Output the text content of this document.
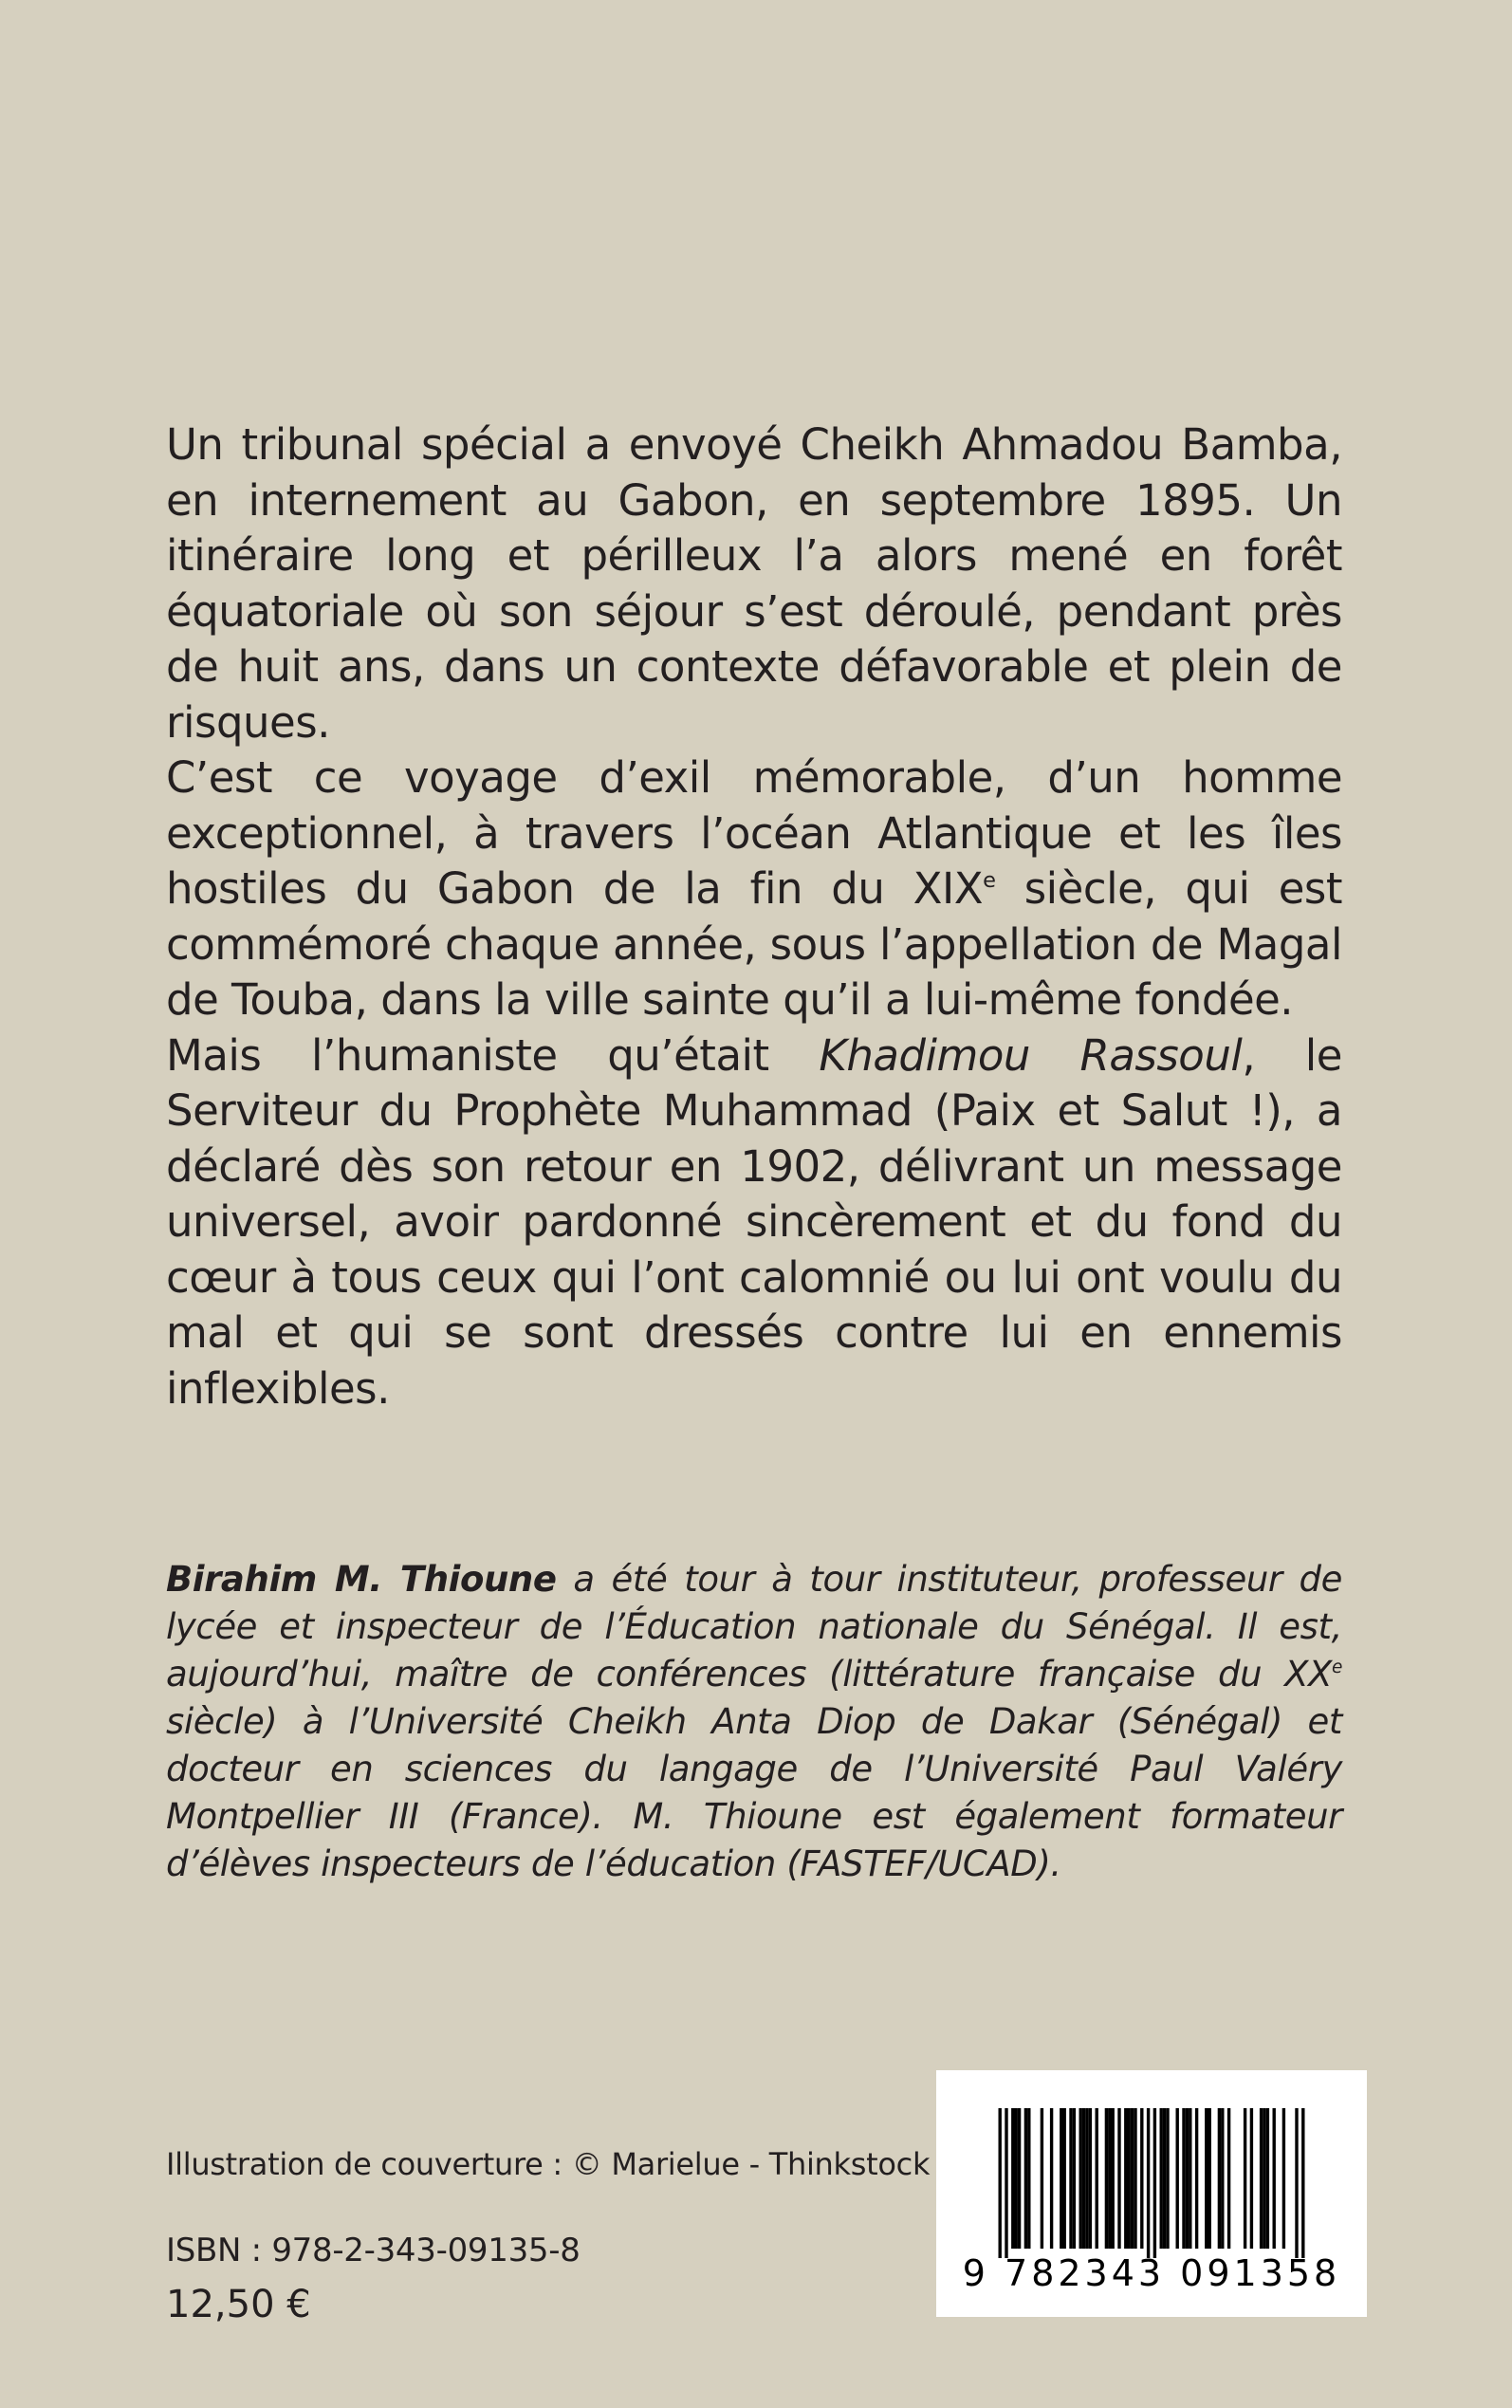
Un tribunal spécial a envoyé Cheikh Ahmadou Bamba, en internement au Gabon, en septembre 1895. Un itinéraire long et périlleux l’a alors mené en forêt équatoriale où son séjour s’est déroulé, pendant près de huit ans, dans un contexte défavorable et plein de risques.

C’est ce voyage d’exil mémorable, d’un homme exceptionnel, à travers l’océan Atlantique et les îles hostiles du Gabon de la fin du XIXe siècle, qui est commémoré chaque année, sous l’appellation de Magal de Touba, dans la ville sainte qu’il a lui-même fondée.

Mais l’humaniste qu’était Khadimou Rassoul, le Serviteur du Prophète Muhammad (Paix et Salut !), a déclaré dès son retour en 1902, délivrant un message universel, avoir pardonné sincèrement et du fond du cœur à tous ceux qui l’ont calomnié ou lui ont voulu du mal et qui se sont dressés contre lui en ennemis inflexibles.

Birahim M. Thioune a été tour à tour instituteur, professeur de lycée et inspecteur de l’Éducation nationale du Sénégal. Il est, aujourd’hui, maître de conférences (littérature française du XXe siècle) à l’Université Cheikh Anta Diop de Dakar (Sénégal) et docteur en sciences du langage de l’Université Paul Valéry Montpellier III (France). M. Thioune est également formateur d’élèves inspecteurs de l’éducation (FASTEF/UCAD).

Illustration de couverture : © Marielue - Thinkstock
ISBN : 978-2-343-09135-8
12,50 €
9 782343 091358
